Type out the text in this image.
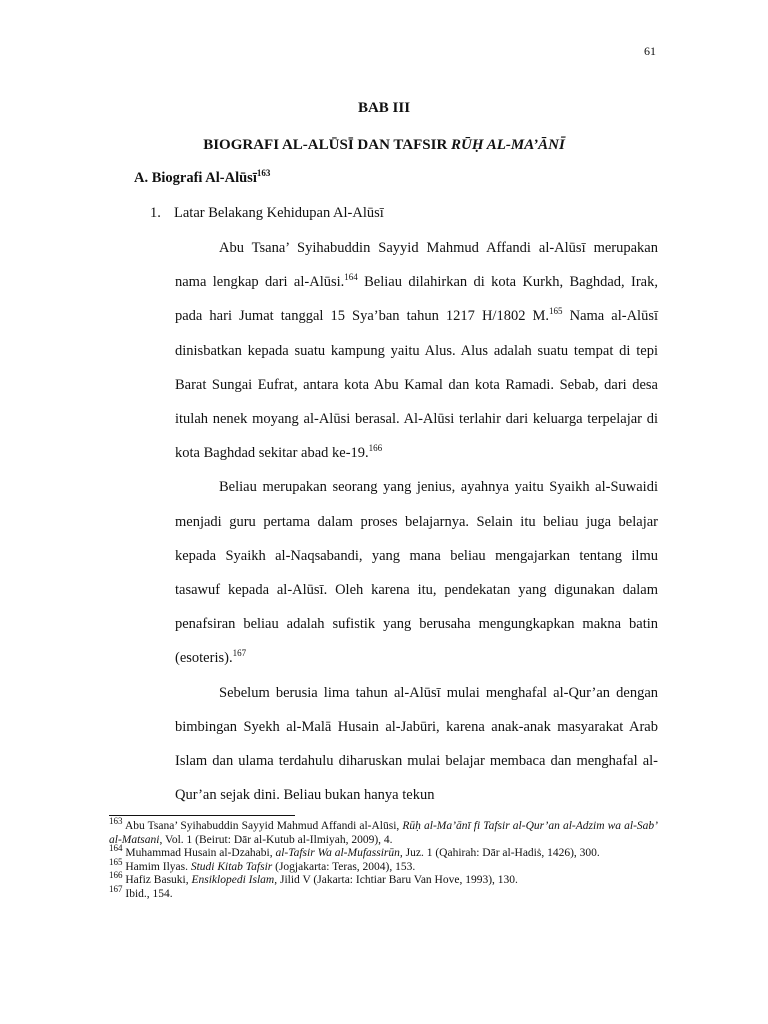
61
BAB III
BIOGRAFI AL-ALŪSĪ DAN TAFSIR RŪḤ AL-MA’ĀNĪ
A. Biografi Al-Alūsī$^{163}$
1. Latar Belakang Kehidupan Al-Alūsī

Abu Tsana’ Syihabuddin Sayyid Mahmud Affandi al-Alūsī merupakan nama lengkap dari al-Alūsi.$^{164}$ Beliau dilahirkan di kota Kurkh, Baghdad, Irak, pada hari Jumat tanggal 15 Sya’ban tahun 1217 H/1802 M.$^{165}$ Nama al-Alūsī dinisbatkan kepada suatu kampung yaitu Alus. Alus adalah suatu tempat di tepi Barat Sungai Eufrat, antara kota Abu Kamal dan kota Ramadi. Sebab, dari desa itulah nenek moyang al-Alūsi berasal. Al-Alūsi terlahir dari keluarga terpelajar di kota Baghdad sekitar abad ke-19.$^{166}$

Beliau merupakan seorang yang jenius, ayahnya yaitu Syaikh al-Suwaidi menjadi guru pertama dalam proses belajarnya. Selain itu beliau juga belajar kepada Syaikh al-Naqsabandi, yang mana beliau mengajarkan tentang ilmu tasawuf kepada al-Alūsī. Oleh karena itu, pendekatan yang digunakan dalam penafsiran beliau adalah sufistik yang berusaha mengungkapkan makna batin (esoteris).$^{167}$

Sebelum berusia lima tahun al-Alūsī mulai menghafal al-Qur’an dengan bimbingan Syekh al-Malā Husain al-Jabūri, karena anak-anak masyarakat Arab Islam dan ulama terdahulu diharuskan mulai belajar membaca dan menghafal al-Qur’an sejak dini. Beliau bukan hanya tekun

$^{163}$ Abu Tsana’ Syihabuddin Sayyid Mahmud Affandi al-Alūsi, Rūḥ al-Ma’ānī fi Tafsir al-Qur’an al-Adzim wa al-Sab’ al-Matsani, Vol. 1 (Beirut: Dār al-Kutub al-Ilmiyah, 2009), 4.

$^{164}$ Muhammad Husain al-Dzahabi, al-Tafsir Wa al-Mufassirūn, Juz. 1 (Qahirah: Dār al-Hadiṡ, 1426), 300.

$^{165}$ Hamim Ilyas. Studi Kitab Tafsir (Jogjakarta: Teras, 2004), 153.

$^{166}$ Hafiz Basuki, Ensiklopedi Islam, Jilid V (Jakarta: Ichtiar Baru Van Hove, 1993), 130.

$^{167}$ Ibid., 154.
